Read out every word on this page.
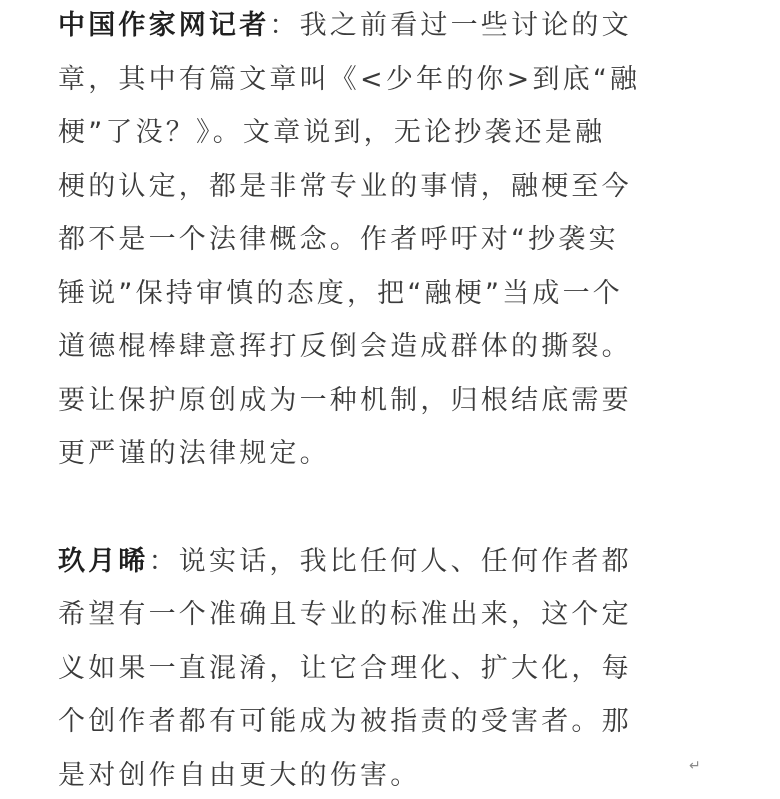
中国作家网记者 ：我之前看过一些讨论的文
章，其中有篇文章叫《<少年的你>到底“融
梗”了没？》。文章说到，无论抄袭还是融
梗的认定，都是非常专业的事情，融梗至今
都不是一个法律概念。作者呼吁对“抄袭实
锤说”保持审慎的态度，把“融梗”当成一个
道德棍棒肆意挥打反倒会造成群体的撕裂。
要让保护原创成为一种机制，归根结底需要
更严谨的法律规定。
玖月晞 ：说实话，我比任何人、任何作者都
希望有一个准确且专业的标准出来，这个定
义如果一直混淆，让它合理化、扩大化，每
个创作者都有可能成为被指责的受害者。那
是对创作自由更大的伤害。	↵
